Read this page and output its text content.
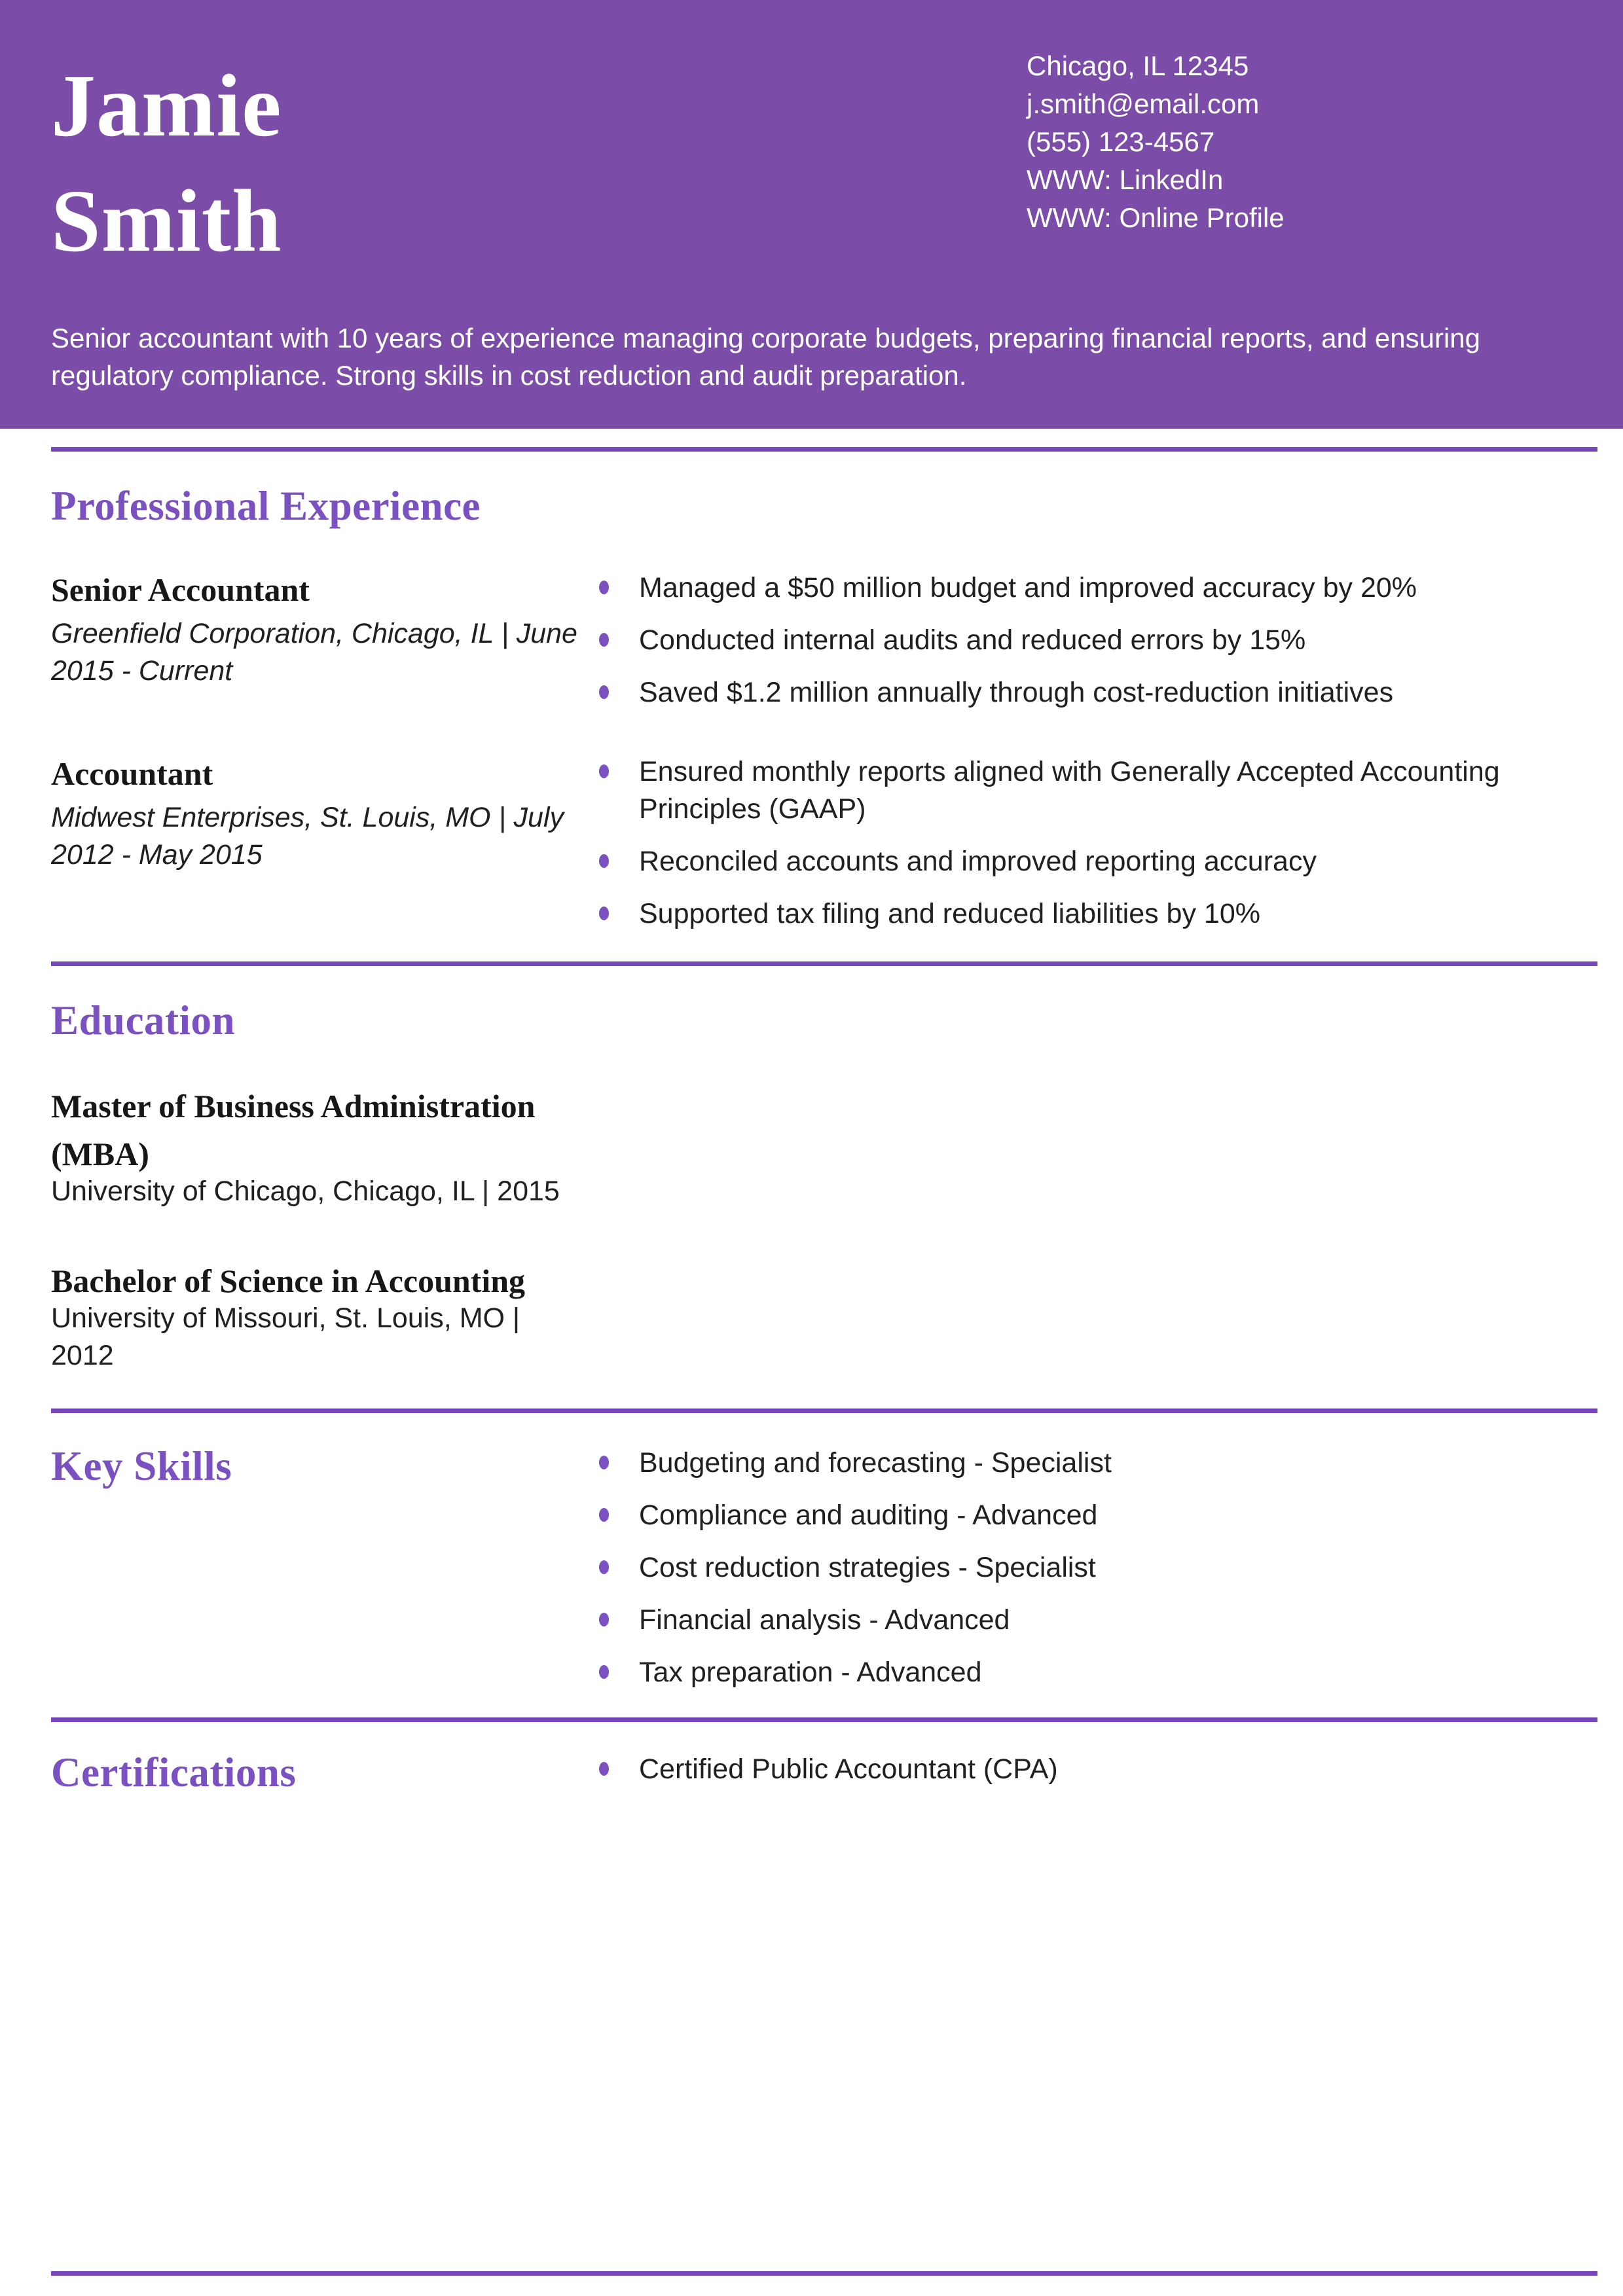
Jamie
Smith
Chicago, IL 12345
j.smith@email.com
(555) 123-4567
WWW: LinkedIn
WWW: Online Profile

Senior accountant with 10 years of experience managing corporate budgets, preparing financial reports, and ensuring regulatory compliance. Strong skills in cost reduction and audit preparation.

Professional Experience
Senior Accountant

Greenfield Corporation, Chicago, IL | June 2015 - Current

Managed a $50 million budget and improved accuracy by 20%
Conducted internal audits and reduced errors by 15%
Saved $1.2 million annually through cost-reduction initiatives
Accountant

Midwest Enterprises, St. Louis, MO | July 2012 - May 2015

Ensured monthly reports aligned with Generally Accepted Accounting Principles (GAAP)
Reconciled accounts and improved reporting accuracy
Supported tax filing and reduced liabilities by 10%
Education
Master of Business Administration (MBA)

University of Chicago, Chicago, IL | 2015

Bachelor of Science in Accounting

University of Missouri, St. Louis, MO | 2012

Key Skills	Budgeting and forecasting - Specialist
Compliance and auditing - Advanced
Cost reduction strategies - Specialist
Financial analysis - Advanced
Tax preparation - Advanced
Certifications	Certified Public Accountant (CPA)
